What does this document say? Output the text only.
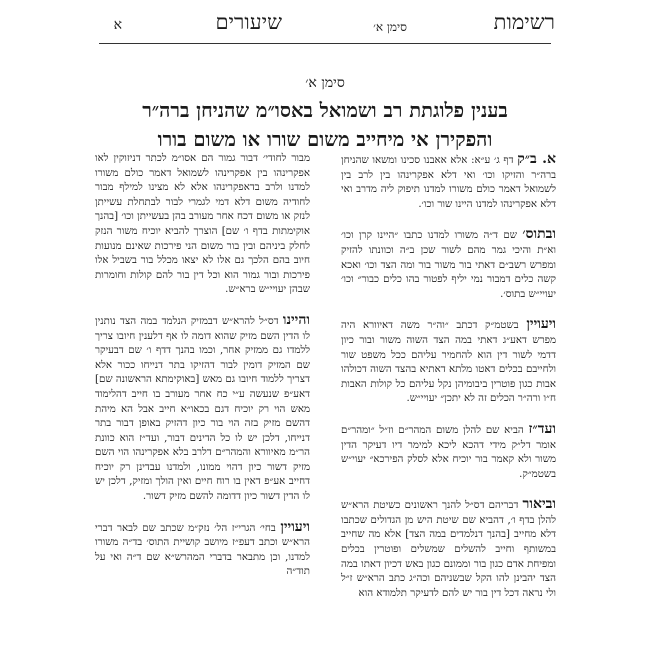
רשימות
סימן א׳
שיעורים
א
סימן א׳
בענין פלוגתת רב ושמואל באסו״מ שהניחן ברה״ר
והפקירן אי מיחייב משום שורו או משום בורו

א. ב״ק דף ג׳ ע״א: אלא אאבנו סכינו ומשאו שהניחן ברה״ר והזיקו וכו׳ ואי דלא אפקרינהו בין לרב בין לשמואל דאמר כולם משורו למדנו תיפוק ליה מדרב ואי דלא אפקרינהו למדנו היינו שור וכו׳.

ובתוס׳ שם ד״ה משורו למדנו כתבו ״היינו קרן וכו׳ וא״ת והיכי גמר מהם לשור שכן ב״ה וכוונתו להזיק ומפרש רשב״ם דאתי בור משור בור ומה הצד וכו׳ ואכא קשה כלים דמבור נמי יליף לפטור בהו כלים כבור״ וכו׳ יעויי״ש בתוס׳.

ויעויין בשטמ״ק דכתב ״וה״ר משה דאיוורא היה מפרש דאע״ג דאתי במה הצד השוה משור ובור כיון דדמי לשור דין הוא להחמיר עליהם ככל משפט שור ולחייבם בכלים דאטו מלתא דאתיא בהצד השוה דכולהו אבות כגון פוטרין ביבומיהן נקל עליהם כל קולות האבות ח״ו ורה״ר הכלים זה לא יתכן״ יעויי״ש.

ועד״ז הביא שם להלן משום המהר״ם וז״ל ״ומהר״ם אומר דל״ק מידי דהכא ליכא למימר דיו דעיקר הדין משור ולא קאמר בור יוכיח אלא לסלק הפירכא״ יעוי״ש בשטמ״ק.

וביאור דבריהם דס״ל להנך ראשונים כשיטת הרא״ש להלן בדף ו׳, דהביא שם שיטת היש מן הגדולים שכתבו דלא מחייב [בהנך דנלמדים במה הצד] אלא מה שחייב במשותף וחייב להשלים שמשלים ופוטרין בכלים ומפיחת אדם כגון בור וממונם כגון באש דכיון דאתו במה הצד יהבינן להו הקל שבשניהם וכה״ג כתב הרא״ש ז״ל ולי נראה דכל דין בור יש להם לדעיקר תלמודא הוא

מבור לחודי׳ דבור גמור הם אסו״מ לכתר דניזוקין לאו אפקרינהו בין אפקרינהו לשמואל דאמר כולם משורו למדנו ולרב בדאפקרינהו אלא לא מצינו למילף מבור לחודיה משום דלא דמי לגמרי לבור לבתחלת עשייתן לנזק או משום דכח אחר מעורב בהן בעשייתן וכו׳ [בהנך אוקימתות בדף ו׳ שם] הוצרך להביא יוכיח משור הנזק לחלק ביניהם ובין בור משום הני פירכות שאינם מנועות חיוב בהם הלכך גם אלו לא יצאו מכלל בור בשביל אלו פירכות ובור גמור הוא וכל דין בור להם קולות וחומרות שבהן יעויי״ש ברא״ש.

והיינו דס״ל להרא״ש דבמזיק הנלמד במה הצד נותנין לו הדין השם מזיק שהוא דומה לו אף דלענין חיובו צריך ללמדו גם ממזיק אחר, וכמו בהנך דדף ו׳ שם דבעיקר שם המזיק דומין לבור דהזיקו בתר דנייחו ככור אלא דצריך ללמוד חיובו גם מאש [באוקימתא הראשונה שם] דאע״פ שנעשה ע״י כח אחר מעורב בו חייב דהלימוד מאש הוי רק יוכיח דגם בכאו״א חייב אבל הא מיהת דהשם מזיק בזה הוי בור כיון דהזיק באופן דבור בתר דנייחו, דלכן יש לו כל הדינים דבור, ועד״ז הוא כוונת הר״מ מאיוורא והמהר״ם דלרב בלא אפקרינהו הוי השם מזיק דשור כיון דהוי ממונו, ולמדנו עבדינן רק יוכיח דחייב אע״פ דאין בו רוח חיים ואין הולך ומזיק, דלכן יש לו הדין דשור כיון דדומה להשם מזיק דשור.

ויעויין בחי׳ הגרי״ז הל׳ נזק״מ שכתב שם לבאר דברי הרא״ש וכתב דעפ״ז מיושב קושיית התוס׳ בד״ה משורו למדנו, וכן מתבאר בדברי המהרש״א שם ד״ה ואי על תוד״ה
